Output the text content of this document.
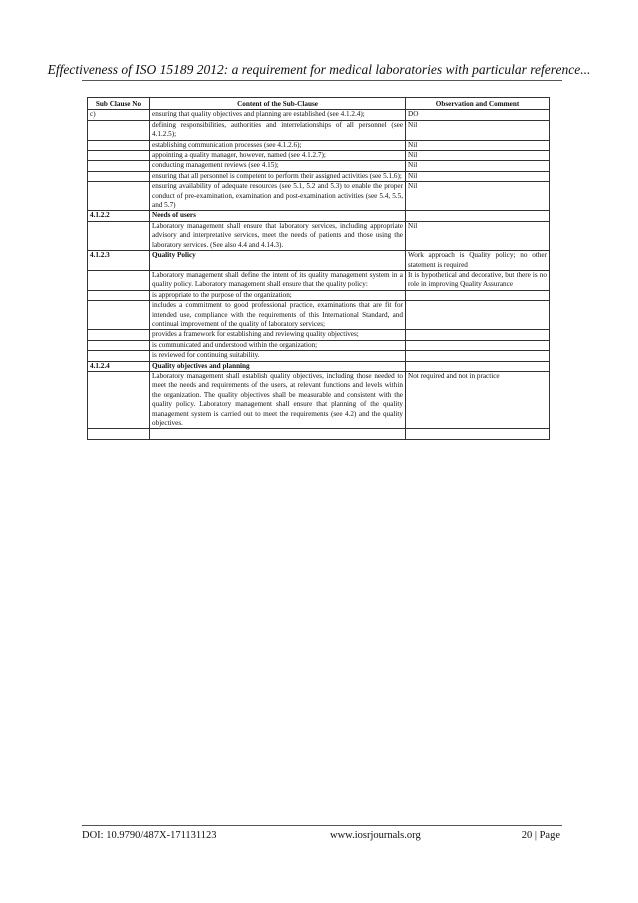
Effectiveness of ISO 15189 2012: a requirement for medical laboratories with particular reference...
Sub Clause No	Content of the Sub-Clause	Observation and Comment
c)	ensuring that quality objectives and planning are established (see 4.1.2.4);	DO
	defining responsibilities, authorities and interrelationships of all personnel (see 4.1.2.5);	Nil
	establishing communication processes (see 4.1.2.6);	Nil
	appointing a quality manager, however, named (see 4.1.2.7);	Nil
	conducting management reviews (see 4.15);	Nil
	ensuring that all personnel is competent to perform their assigned activities (see 5.1.6);	Nil
	ensuring availability of adequate resources (see 5.1, 5.2 and 5.3) to enable the proper conduct of pre-examination, examination and post-examination activities (see 5.4, 5.5, and 5.7)	Nil
4.1.2.2	Needs of users	
	Laboratory management shall ensure that laboratory services, including appropriate advisory and interpretative services, meet the needs of patients and those using the laboratory services. (See also 4.4 and 4.14.3).	Nil
4.1.2.3	Quality Policy	Work approach is Quality policy; no other statement is required
	Laboratory management shall define the intent of its quality management system in a quality policy. Laboratory management shall ensure that the quality policy:	It is hypothetical and decorative, but there is no role in improving Quality Assurance
	is appropriate to the purpose of the organization;	
	includes a commitment to good professional practice, examinations that are fit for intended use, compliance with the requirements of this International Standard, and continual improvement of the quality of laboratory services;	
	provides a framework for establishing and reviewing quality objectives;	
	is communicated and understood within the organization;	
	is reviewed for continuing suitability.	
4.1.2.4	Quality objectives and planning	
	Laboratory management shall establish quality objectives, including those needed to meet the needs and requirements of the users, at relevant functions and levels within the organization. The quality objectives shall be measurable and consistent with the quality policy. Laboratory management shall ensure that planning of the quality management system is carried out to meet the requirements (see 4.2) and the quality objectives.	Not required and not in practice

DOI: 10.9790/487X-171131123	www.iosrjournals.org	20 | Page
